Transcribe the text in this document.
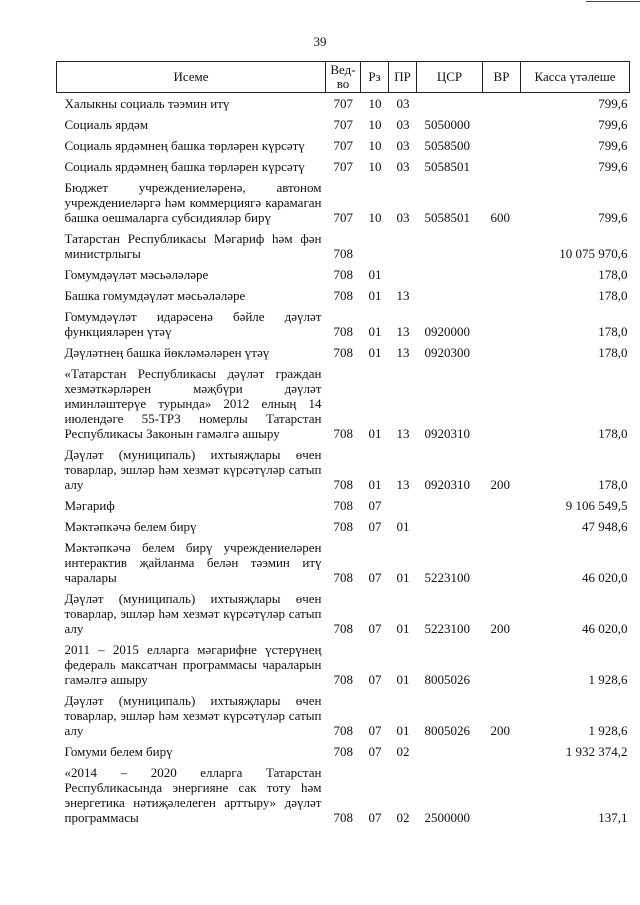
39
Исеме	Вед-во	Рз	ПР	ЦСР	ВР	Касса үтәлеше

Халыкны социаль тәэмин итү	707	10	03			799,6
Социаль ярдәм	707	10	03	5050000		799,6
Социаль ярдәмнең башка төрләрен күрсәтү	707	10	03	5058500		799,6
Социаль ярдәмнең башка төрләрен күрсәтү	707	10	03	5058501		799,6
Бюджет учреждениеләренә, автоном учреждениеләргә һәм коммерциягә карамаган башка оешмаларга субсидияләр бирү	707	10	03	5058501	600	799,6
Татарстан Республикасы Мәгариф һәм фән министрлыгы	708					10 075 970,6
Гомумдәүләт мәсьәләләре	708	01				178,0
Башка гомумдәүләт мәсьәләләре	708	01	13			178,0
Гомумдәүләт идарәсенә бәйле дәүләт функцияләрен үтәү	708	01	13	0920000		178,0
Дәүләтнең башка йөкләмәләрен үтәү	708	01	13	0920300		178,0
«Татарстан Республикасы дәүләт граждан хезмәткәрләрен мәҗбүри дәүләт иминләштерүе турында» 2012 елның 14 июлендәге 55-ТРЗ номерлы Татарстан Республикасы Законын гамәлгә ашыру	708	01	13	0920310		178,0
Дәүләт (муниципаль) ихтыяҗлары өчен товарлар, эшләр һәм хезмәт күрсәтүләр сатып алу	708	01	13	0920310	200	178,0
Мәгариф	708	07				9 106 549,5
Мәктәпкәчә белем бирү	708	07	01			47 948,6
Мәктәпкәчә белем бирү учреждениеләрен интерактив җайланма белән тәэмин итү чаралары	708	07	01	5223100		46 020,0
Дәүләт (муниципаль) ихтыяҗлары өчен товарлар, эшләр һәм хезмәт күрсәтүләр сатып алу	708	07	01	5223100	200	46 020,0
2011 – 2015 елларга мәгарифне үстерүнең федераль максатчан программасы чараларын гамәлгә ашыру	708	07	01	8005026		1 928,6
Дәүләт (муниципаль) ихтыяҗлары өчен товарлар, эшләр һәм хезмәт күрсәтүләр сатып алу	708	07	01	8005026	200	1 928,6
Гомуми белем бирү	708	07	02			1 932 374,2
«2014 – 2020 елларга Татарстан Республикасында энергияне сак тоту һәм энергетика нәтиҗәлелеген арттыру» дәүләт программасы	708	07	02	2500000		137,1
